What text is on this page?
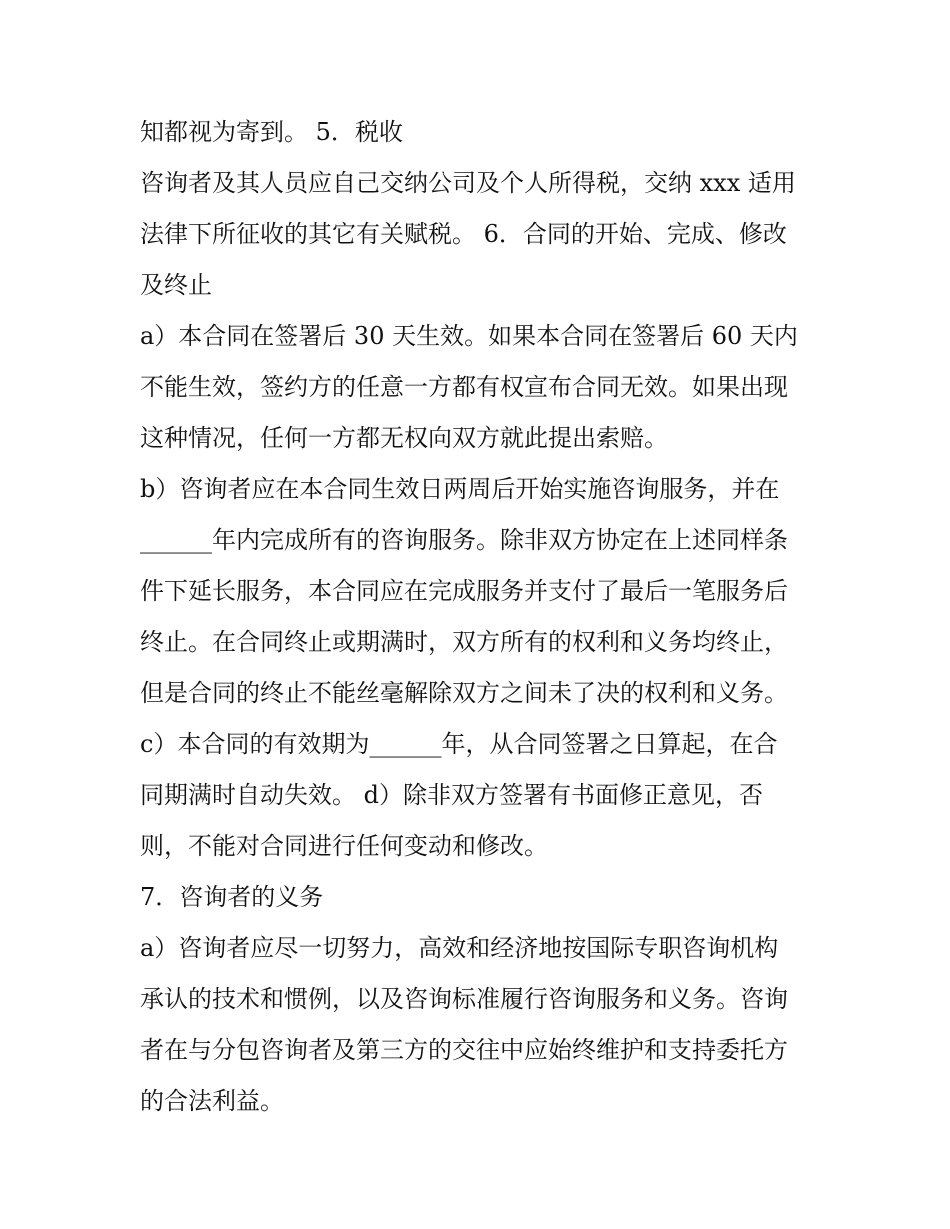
知都视为寄到。 5．税收
咨询者及其人员应自己交纳公司及个人所得税，交纳 xxx 适用
法律下所征收的其它有关赋税。 6．合同的开始、完成、修改
及终止
a）本合同在签署后 30 天生效。如果本合同在签署后 60 天内
不能生效，签约方的任意一方都有权宣布合同无效。如果出现
这种情况，任何一方都无权向双方就此提出索赔。
b）咨询者应在本合同生效日两周后开始实施咨询服务，并在
______年内完成所有的咨询服务。除非双方协定在上述同样条
件下延长服务，本合同应在完成服务并支付了最后一笔服务后
终止。在合同终止或期满时，双方所有的权利和义务均终止，
但是合同的终止不能丝毫解除双方之间未了决的权利和义务。
c）本合同的有效期为______年，从合同签署之日算起，在合
同期满时自动失效。 d）除非双方签署有书面修正意见，否
则，不能对合同进行任何变动和修改。
7．咨询者的义务
a）咨询者应尽一切努力，高效和经济地按国际专职咨询机构
承认的技术和惯例，以及咨询标准履行咨询服务和义务。咨询
者在与分包咨询者及第三方的交往中应始终维护和支持委托方
的合法利益。
